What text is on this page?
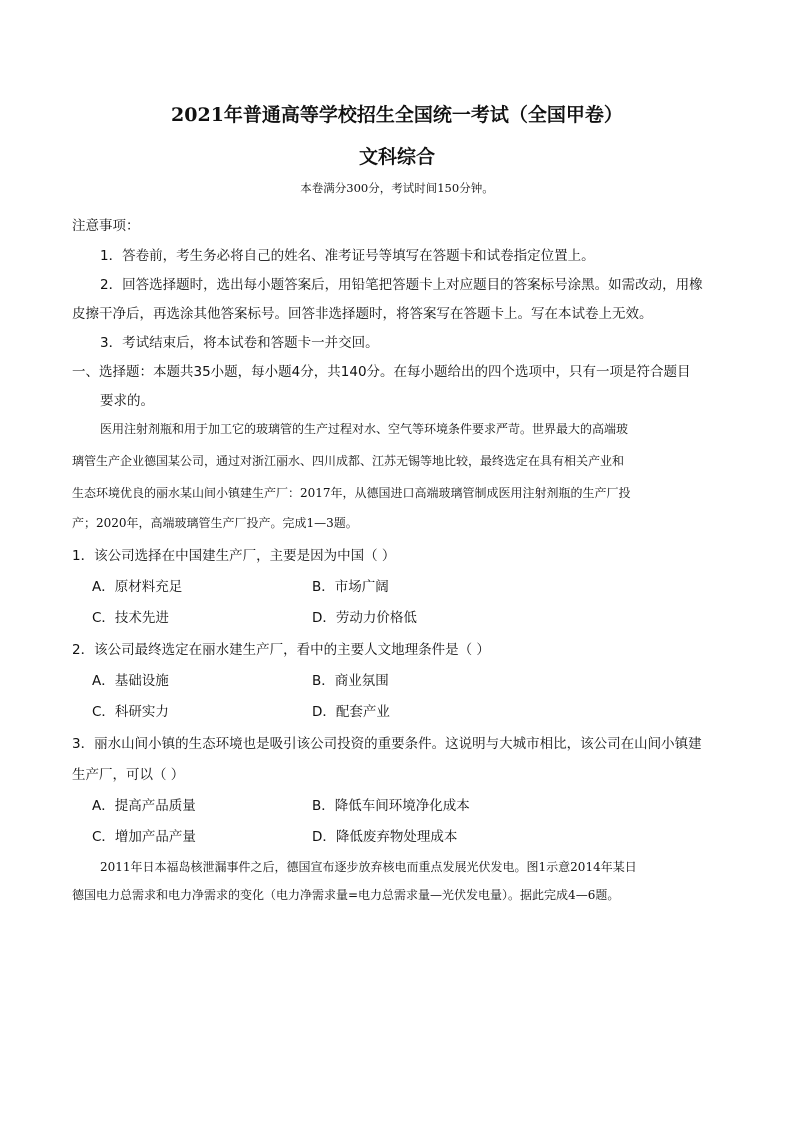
2021年普通高等学校招生全国统一考试（全国甲卷）
文科综合
本卷满分300分，考试时间150分钟。
注意事项：
1．答卷前，考生务必将自己的姓名、准考证号等填写在答题卡和试卷指定位置上。
2．回答选择题时，选出每小题答案后，用铅笔把答题卡上对应题目的答案标号涂黑。如需改动，用橡
皮擦干净后，再选涂其他答案标号。回答非选择题时，将答案写在答题卡上。写在本试卷上无效。
3．考试结束后，将本试卷和答题卡一并交回。
一、选择题：本题共35小题，每小题4分，共140分。在每小题给出的四个选项中，只有一项是符合题目
要求的。
医用注射剂瓶和用于加工它的玻璃管的生产过程对水、空气等环境条件要求严苛。世界最大的高端玻
璃管生产企业德国某公司，通过对浙江丽水、四川成都、江苏无锡等地比较，最终选定在具有相关产业和
生态环境优良的丽水某山间小镇建生产厂：2017年，从德国进口高端玻璃管制成医用注射剂瓶的生产厂投
产；2020年，高端玻璃管生产厂投产。完成1—3题。
1．该公司选择在中国建生产厂，主要是因为中国（ ）
A．原材料充足	B．市场广阔
C．技术先进	D．劳动力价格低
2．该公司最终选定在丽水建生产厂，看中的主要人文地理条件是（ ）
A．基础设施	B．商业氛围
C．科研实力	D．配套产业
3．丽水山间小镇的生态环境也是吸引该公司投资的重要条件。这说明与大城市相比，该公司在山间小镇建
生产厂，可以（ ）
A．提高产品质量	B．降低车间环境净化成本
C．增加产品产量	D．降低废弃物处理成本
2011年日本福岛核泄漏事件之后，德国宣布逐步放弃核电而重点发展光伏发电。图1示意2014年某日
德国电力总需求和电力净需求的变化（电力净需求量=电力总需求量—光伏发电量）。据此完成4—6题。
